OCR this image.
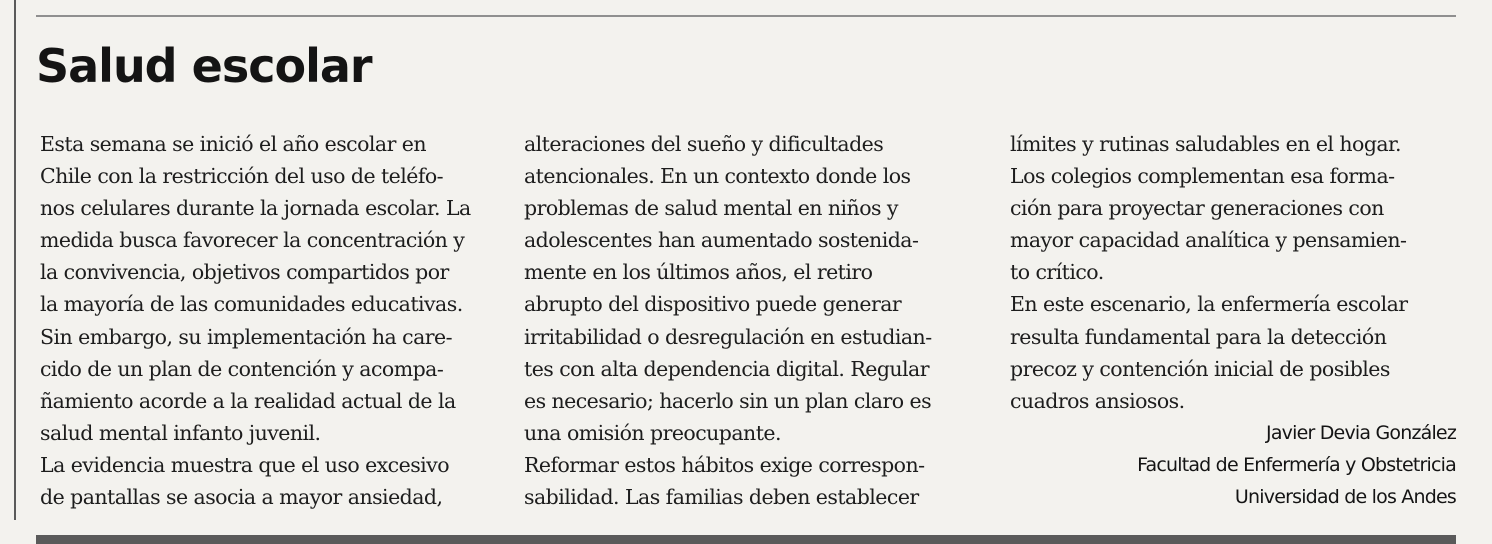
Salud escolar
Esta semana se inició el año escolar en
Chile con la restricción del uso de teléfo-
nos celulares durante la jornada escolar. La
medida busca favorecer la concentración y
la convivencia, objetivos compartidos por
la mayoría de las comunidades educativas.
Sin embargo, su implementación ha care-
cido de un plan de contención y acompa-
ñamiento acorde a la realidad actual de la
salud mental infanto juvenil.
La evidencia muestra que el uso excesivo
de pantallas se asocia a mayor ansiedad,
alteraciones del sueño y dificultades
atencionales. En un contexto donde los
problemas de salud mental en niños y
adolescentes han aumentado sostenida-
mente en los últimos años, el retiro
abrupto del dispositivo puede generar
irritabilidad o desregulación en estudian-
tes con alta dependencia digital. Regular
es necesario; hacerlo sin un plan claro es
una omisión preocupante.
Reformar estos hábitos exige correspon-
sabilidad. Las familias deben establecer
límites y rutinas saludables en el hogar.
Los colegios complementan esa forma-
ción para proyectar generaciones con
mayor capacidad analítica y pensamien-
to crítico.
En este escenario, la enfermería escolar
resulta fundamental para la detección
precoz y contención inicial de posibles
cuadros ansiosos.
Javier Devia González
Facultad de Enfermería y Obstetricia
Universidad de los Andes
